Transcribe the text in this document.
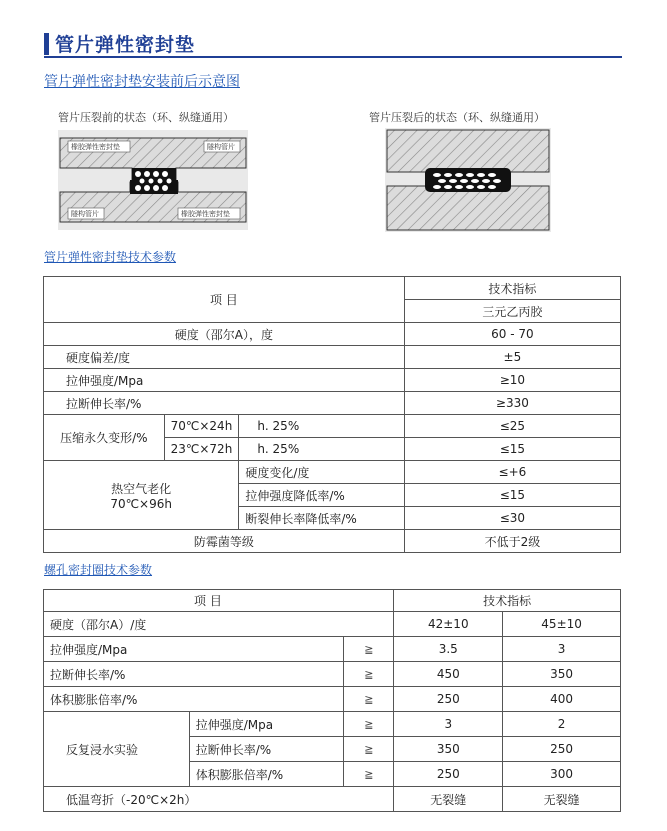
管片弹性密封垫
管片弹性密封垫安装前后示意图
管片压裂前的状态（环、纵缝通用）	管片压裂后的状态（环、纵缝通用）
橡胶弹性密封垫	隧构管片
隧构管片	橡胶弹性密封垫
管片弹性密封垫技术参数
项 目			技术指标
			三元乙丙胶
硬度（邵尔A），度			60 - 70
硬度偏差/度			±5
拉伸强度/Mpa			≥10
拉断伸长率/%			≥330
压缩永久变形/%	70℃×24h	h. 25%	≤25
	23℃×72h	h. 25%	≤15
热空气老化
70℃×96h		硬度变化/度	≤+6
		拉伸强度降低率/%	≤15
		断裂伸长率降低率/%	≤30
防霉菌等级			不低于2级
螺孔密封圈技术参数
项 目			技术指标	
硬度（邵尔A）/度			42±10	45±10
拉伸强度/Mpa		≧	3.5	3
拉断伸长率/%		≧	450	350
体积膨胀倍率/%		≧	250	400
反复浸水实验	拉伸强度/Mpa	≧	3	2
	拉断伸长率/%	≧	350	250
	体积膨胀倍率/%	≧	250	300
低温弯折（-20℃×2h）			无裂缝	无裂缝
